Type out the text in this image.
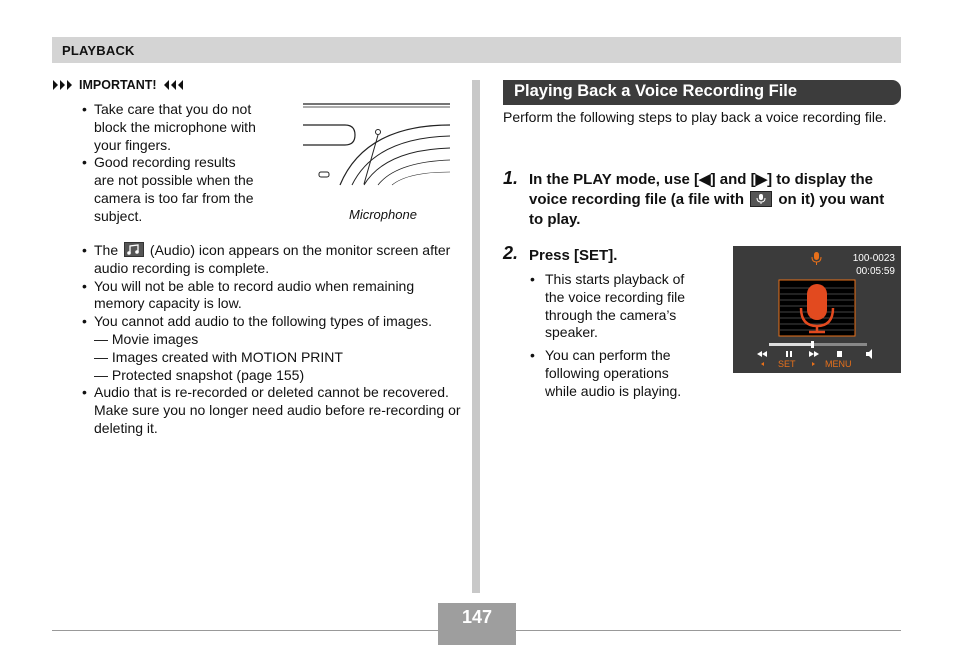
PLAYBACK
IMPORTANT!
• Take care that you do not block the microphone with your fingers.
• Good recording results are not possible when the camera is too far from the subject.	Microphone
• The (Audio) icon appears on the monitor screen after audio recording is complete.
• You will not be able to record audio when remaining memory capacity is low.
• You cannot add audio to the following types of images.
— Movie images
— Images created with MOTION PRINT
— Protected snapshot (page 155)
• Audio that is re-recorded or deleted cannot be recovered. Make sure you no longer need audio before re-recording or deleting it.
Playing Back a Voice Recording File
Perform the following steps to play back a voice recording file.
1. In the PLAY mode, use [◀] and [▶] to display the voice recording file (a file with on it) you want to play.
2. Press [SET].
• This starts playback of the voice recording file through the camera’s speaker.
• You can perform the following operations while audio is playing.
100-0023
00:05:59
SET	MENU
147
